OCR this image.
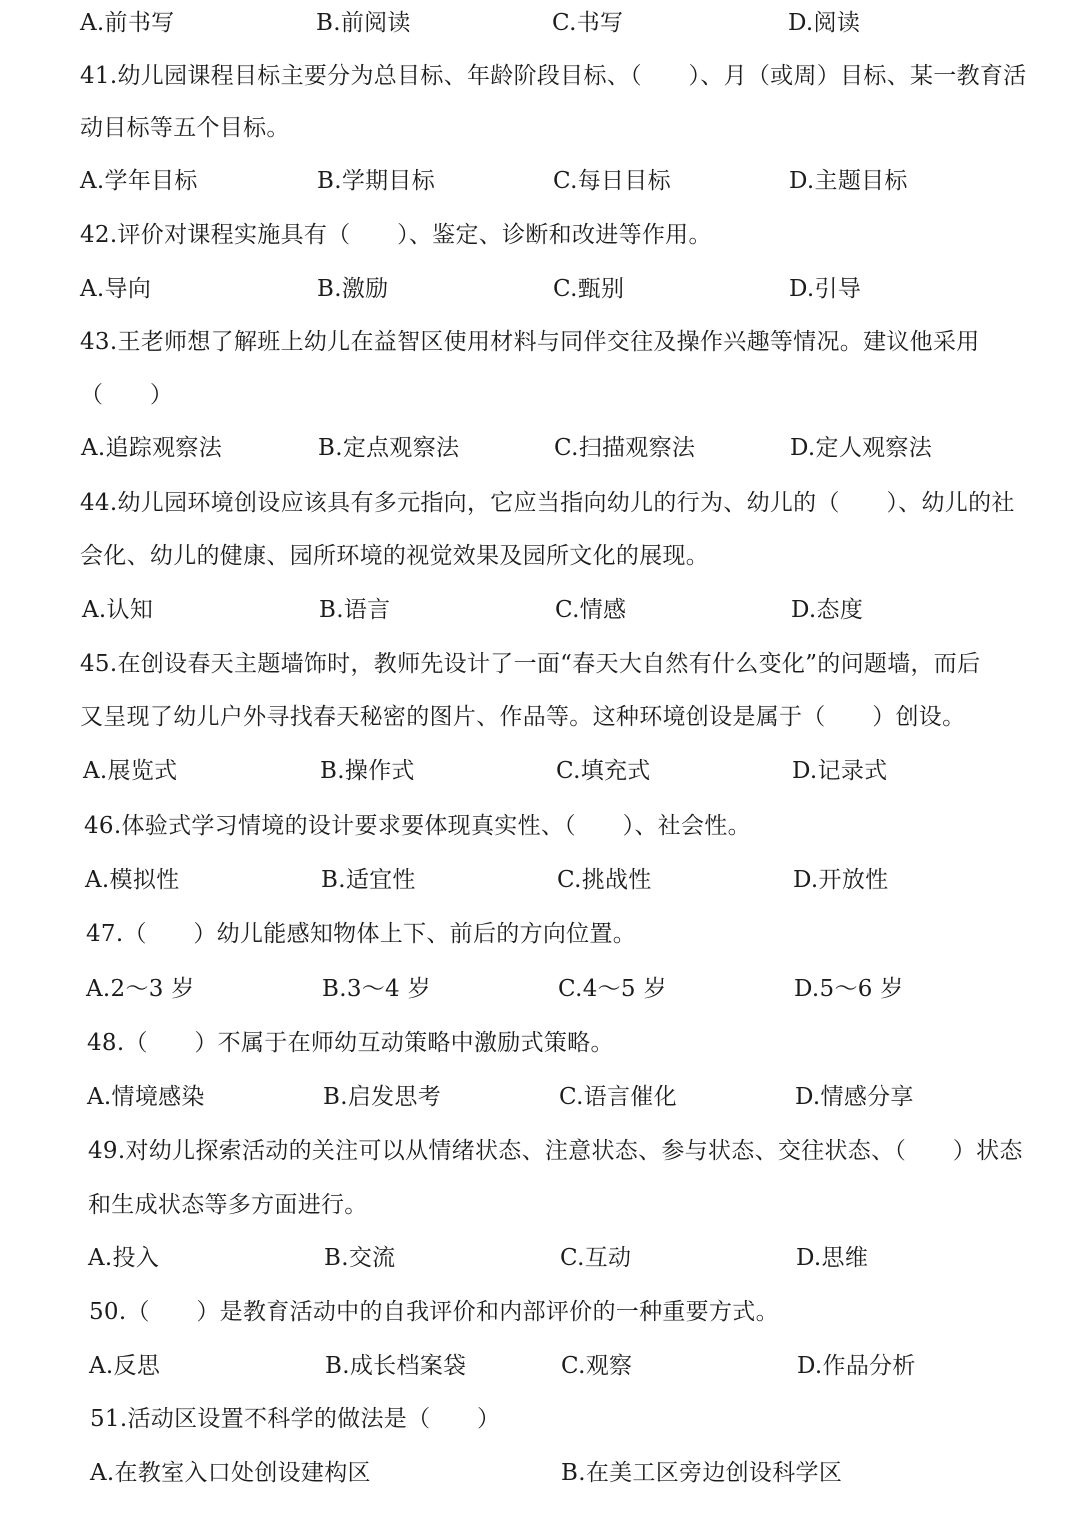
A.前书写	B.前阅读	C.书写	D.阅读
41.幼儿园课程目标主要分为总目标、年龄阶段目标、（　　）、月（或周）目标、某一教育活
动目标等五个目标。
A.学年目标	B.学期目标	C.每日目标	D.主题目标
42.评价对课程实施具有（　　）、鉴定、诊断和改进等作用。
A.导向	B.激励	C.甄别	D.引导
43.王老师想了解班上幼儿在益智区使用材料与同伴交往及操作兴趣等情况。建议他采用
（　　）
A.追踪观察法	B.定点观察法	C.扫描观察法	D.定人观察法
44.幼儿园环境创设应该具有多元指向，它应当指向幼儿的行为、幼儿的（　　）、幼儿的社
会化、幼儿的健康、园所环境的视觉效果及园所文化的展现。
A.认知	B.语言	C.情感	D.态度
45.在创设春天主题墙饰时，教师先设计了一面“春天大自然有什么变化”的问题墙，而后
又呈现了幼儿户外寻找春天秘密的图片、作品等。这种环境创设是属于（　　）创设。
A.展览式	B.操作式	C.填充式	D.记录式
46.体验式学习情境的设计要求要体现真实性、（　　）、社会性。
A.模拟性	B.适宜性	C.挑战性	D.开放性
47.（　　）幼儿能感知物体上下、前后的方向位置。
A.2～3 岁	B.3～4 岁	C.4～5 岁	D.5～6 岁
48.（　　）不属于在师幼互动策略中激励式策略。
A.情境感染	B.启发思考	C.语言催化	D.情感分享
49.对幼儿探索活动的关注可以从情绪状态、注意状态、参与状态、交往状态、（　　）状态
和生成状态等多方面进行。
A.投入	B.交流	C.互动	D.思维
50.（　　）是教育活动中的自我评价和内部评价的一种重要方式。
A.反思	B.成长档案袋	C.观察	D.作品分析
51.活动区设置不科学的做法是（　　）
A.在教室入口处创设建构区	B.在美工区旁边创设科学区
